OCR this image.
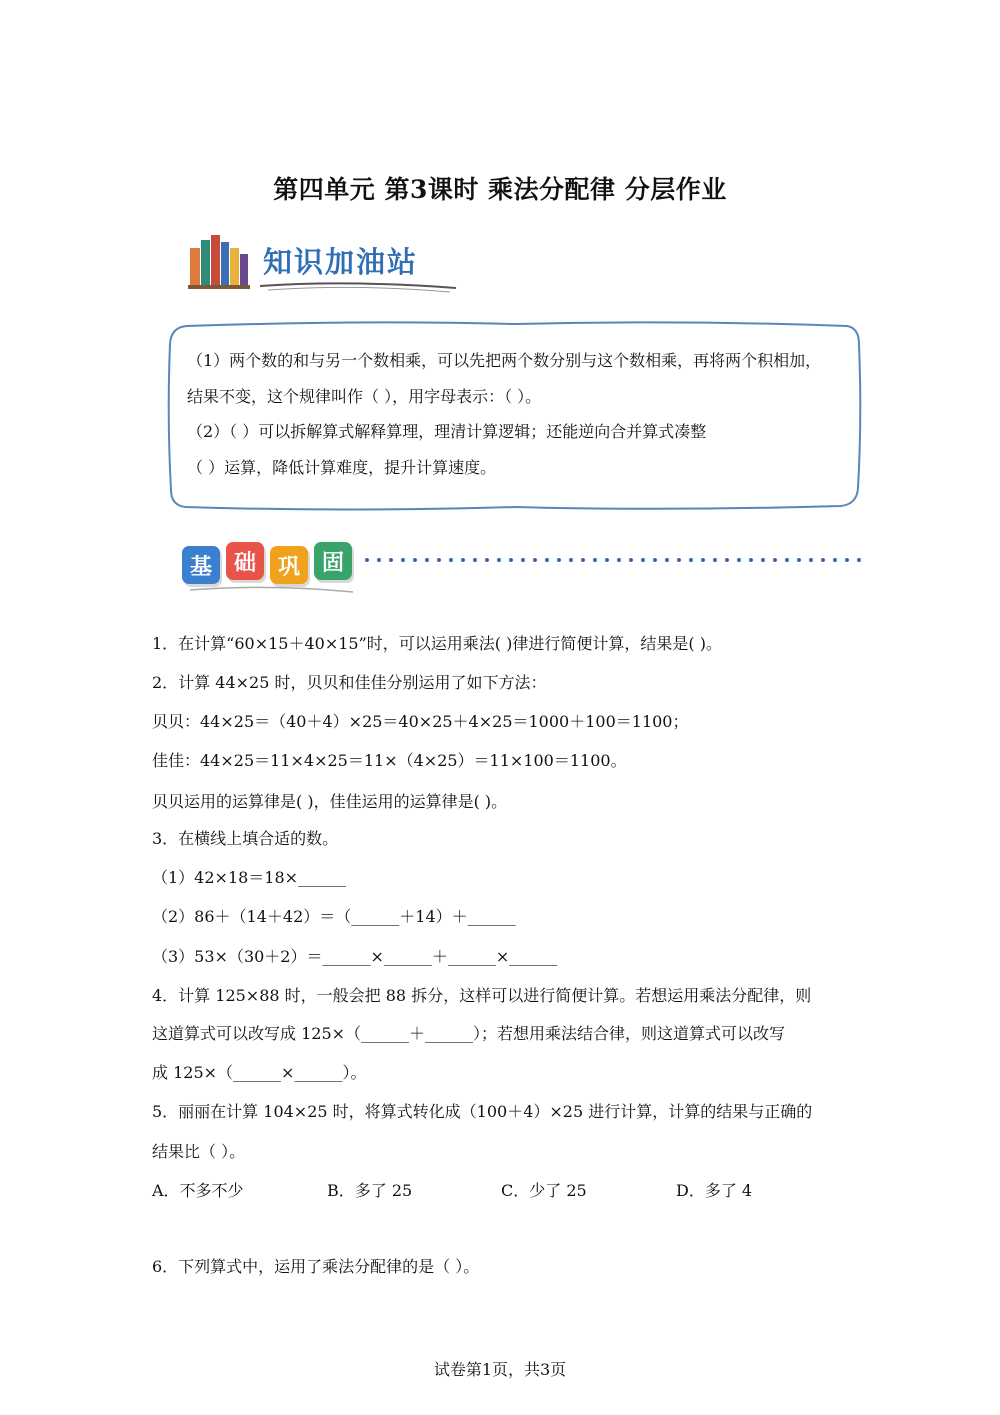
第四单元 第3课时 乘法分配律 分层作业
知识加油站

（1）两个数的和与另一个数相乘，可以先把两个数分别与这个数相乘，再将两个积相加，

结果不变，这个规律叫作（ ），用字母表示：（ ）。

（2）（ ）可以拆解算式解释算理，理清计算逻辑；还能逆向合并算式凑整

（ ）运算，降低计算难度，提升计算速度。

基 础 巩 固
1．在计算“60×15＋40×15”时，可以运用乘法( )律进行简便计算，结果是( )。
2．计算 44×25 时，贝贝和佳佳分别运用了如下方法：
贝贝：44×25＝（40＋4）×25＝40×25＋4×25＝1000＋100＝1100；
佳佳：44×25＝11×4×25＝11×（4×25）＝11×100＝1100。
贝贝运用的运算律是( )，佳佳运用的运算律是( )。
3．在横线上填合适的数。
（1）42×18＝18×______
（2）86＋（14＋42）＝（______＋14）＋______
（3）53×（30＋2）＝______×______＋______×______
4．计算 125×88 时，一般会把 88 拆分，这样可以进行简便计算。若想运用乘法分配律，则
这道算式可以改写成 125×（______＋______）；若想用乘法结合律，则这道算式可以改写
成 125×（______×______）。
5．丽丽在计算 104×25 时，将算式转化成（100＋4）×25 进行计算，计算的结果与正确的
结果比（ ）。
A．不多不少	B．多了 25	C．少了 25	D．多了 4
6．下列算式中，运用了乘法分配律的是（ ）。
试卷第1页，共3页
